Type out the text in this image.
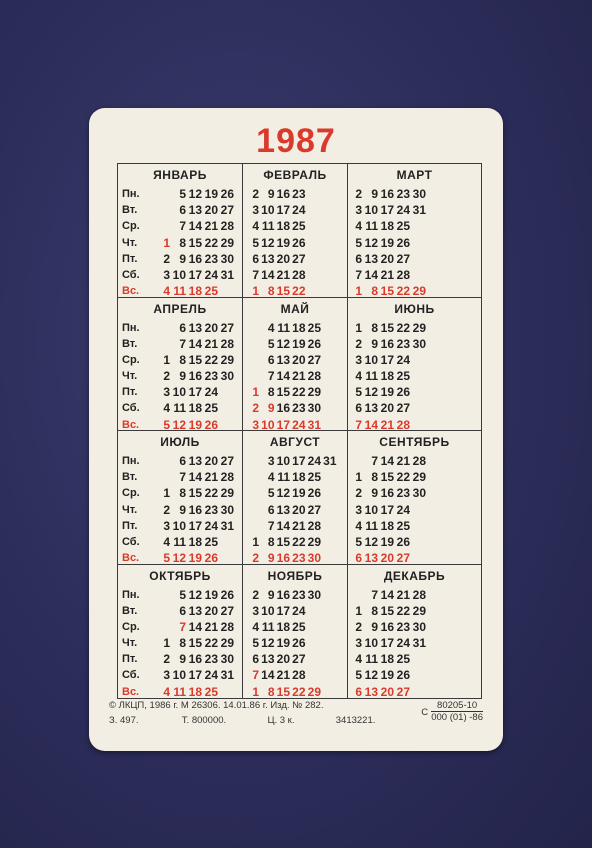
1987
ЯНВАРЬ
Пн.	5 12 19 26
Вт.	6 13 20 27
Ср.	7 14 21 28
Чт.	1 8 15 22 29
Пт.	2 9 16 23 30
Сб.	3 10 17 24 31
Вс.	4 11 18 25
ФЕВРАЛЬ
2 9 16 23
3 10 17 24
4 11 18 25
5 12 19 26
6 13 20 27
7 14 21 28
1 8 15 22
МАРТ
2 9 16 23 30
3 10 17 24 31
4 11 18 25
5 12 19 26
6 13 20 27
7 14 21 28
1 8 15 22 29
АПРЕЛЬ
Пн.	6 13 20 27
Вт.	7 14 21 28
Ср.	1 8 15 22 29
Чт.	2 9 16 23 30
Пт.	3 10 17 24
Сб.	4 11 18 25
Вс.	5 12 19 26
МАЙ
4 11 18 25
5 12 19 26
6 13 20 27
7 14 21 28
1 8 15 22 29
2 9 16 23 30
3 10 17 24 31
ИЮНЬ
1 8 15 22 29
2 9 16 23 30
3 10 17 24
4 11 18 25
5 12 19 26
6 13 20 27
7 14 21 28
ИЮЛЬ
Пн.	6 13 20 27
Вт.	7 14 21 28
Ср.	1 8 15 22 29
Чт.	2 9 16 23 30
Пт.	3 10 17 24 31
Сб.	4 11 18 25
Вс.	5 12 19 26
АВГУСТ
3 10 17 24 31
4 11 18 25
5 12 19 26
6 13 20 27
7 14 21 28
1 8 15 22 29
2 9 16 23 30
СЕНТЯБРЬ
7 14 21 28
1 8 15 22 29
2 9 16 23 30
3 10 17 24
4 11 18 25
5 12 19 26
6 13 20 27
ОКТЯБРЬ
Пн.	5 12 19 26
Вт.	6 13 20 27
Ср.	7 14 21 28
Чт.	1 8 15 22 29
Пт.	2 9 16 23 30
Сб.	3 10 17 24 31
Вс.	4 11 18 25
НОЯБРЬ
2 9 16 23 30
3 10 17 24
4 11 18 25
5 12 19 26
6 13 20 27
7 14 21 28
1 8 15 22 29
ДЕКАБРЬ
7 14 21 28
1 8 15 22 29
2 9 16 23 30
3 10 17 24 31
4 11 18 25
5 12 19 26
6 13 20 27
© ЛКЦП, 1986 г. М 26306. 14.01.86 г. Изд. № 282.
З. 497.	Т. 800000.	Ц. 3 к.	3413221.
С
80205-10
000 (01) -86
